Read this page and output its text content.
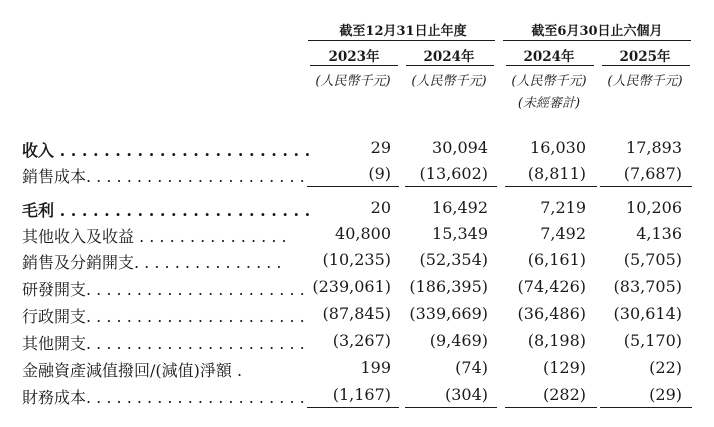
截至12月31日止年度	截至6月30日止六個月
2023年	2024年	2024年	2025年
(人民幣千元)	(人民幣千元)	(人民幣千元)	(人民幣千元)
(未經審計)
收入 . . . . . . . . . . . . . . . . . . . . . . .	29	30,094	16,030	17,893
銷售成本. . . . . . . . . . . . . . . . . . . . . .	(9) (13,602) (8,811) (7,687)
毛利 . . . . . . . . . . . . . . . . . . . . . . .	20	16,492	7,219	10,206
其他收入及收益 . . . . . . . . . . . . . . .	40,800	15,349	7,492	4,136
銷售及分銷開支. . . . . . . . . . . . . . .	(10,235) (52,354) (6,161) (5,705)
研發開支. . . . . . . . . . . . . . . . . . . . . . (239,061) (186,395) (74,426) (83,705)
行政開支. . . . . . . . . . . . . . . . . . . . . . (87,845) (339,669) (36,486) (30,614)
其他開支. . . . . . . . . . . . . . . . . . . . . . (3,267) (9,469) (8,198) (5,170)
金融資產減值撥回/(減值)淨額 .	199	(74)	(129)	(22)
財務成本. . . . . . . . . . . . . . . . . . . . . . (1,167)	(304)	(282)	(29)
